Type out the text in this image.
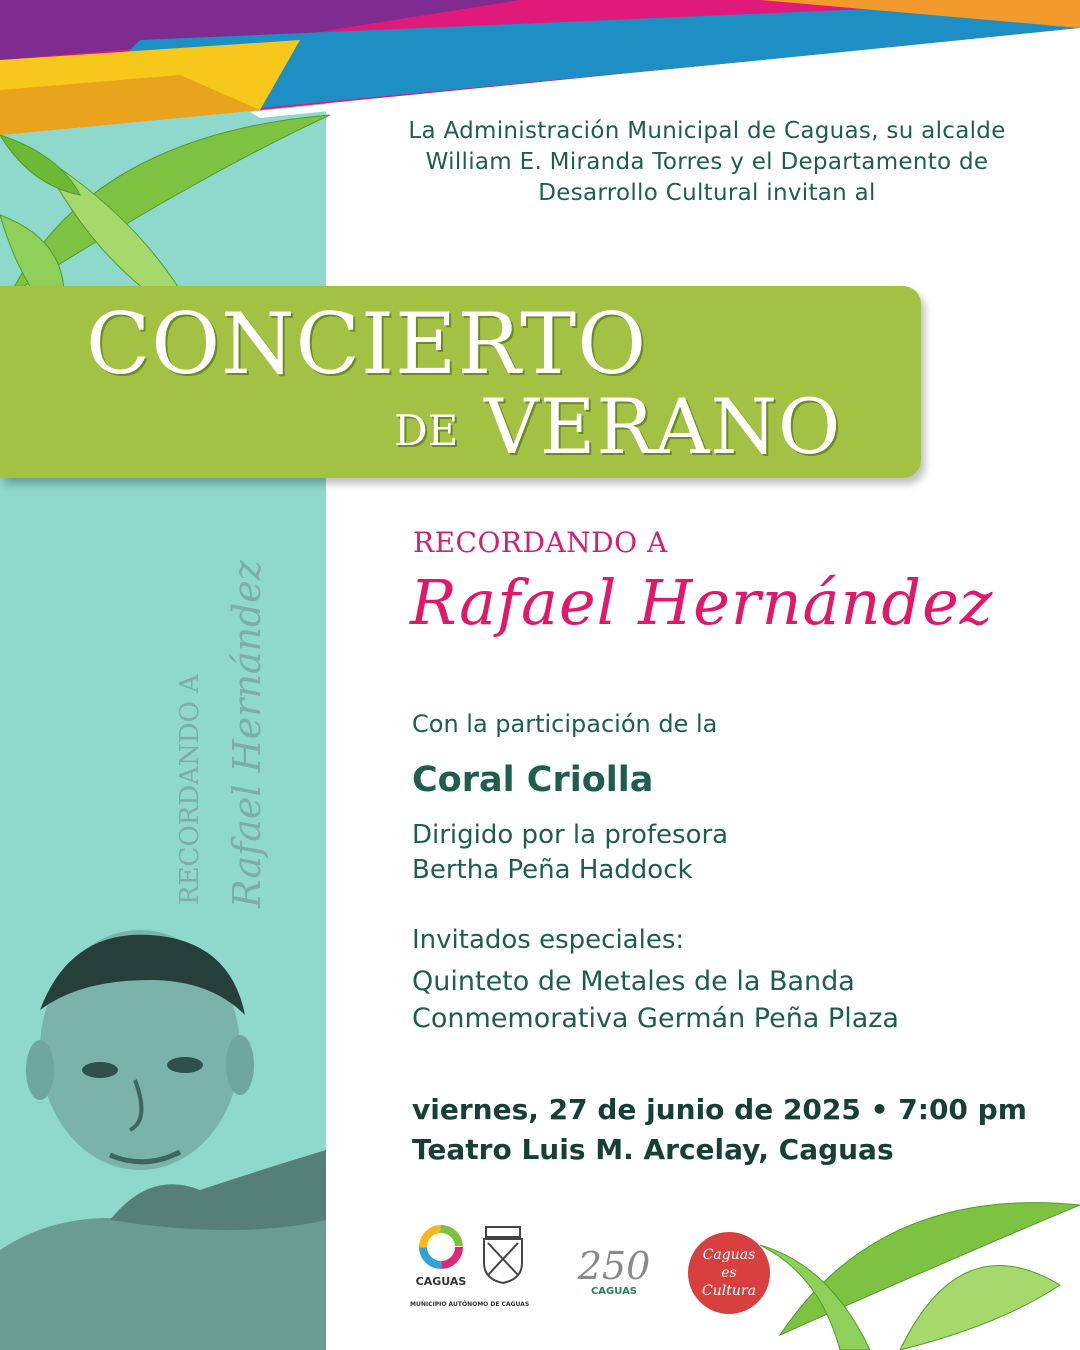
La Administración Municipal de Caguas, su alcalde
William E. Miranda Torres y el Departamento de
Desarrollo Cultural invitan al
CONCIERTO
DE VERANO
RECORDANDO A Rafael Hernández
RECORDANDO A
Rafael Hernández
Con la participación de la
Coral Criolla
Dirigido por la profesora
Bertha Peña Haddock
Invitados especiales:
Quinteto de Metales de la Banda
Conmemorativa Germán Peña Plaza
viernes, 27 de junio de 2025 • 7:00 pm
Teatro Luis M. Arcelay, Caguas
CAGUAS
MUNICIPIO AUTÓNOMO DE CAGUAS
250
CAGUAS
Caguas
es
Cultura
